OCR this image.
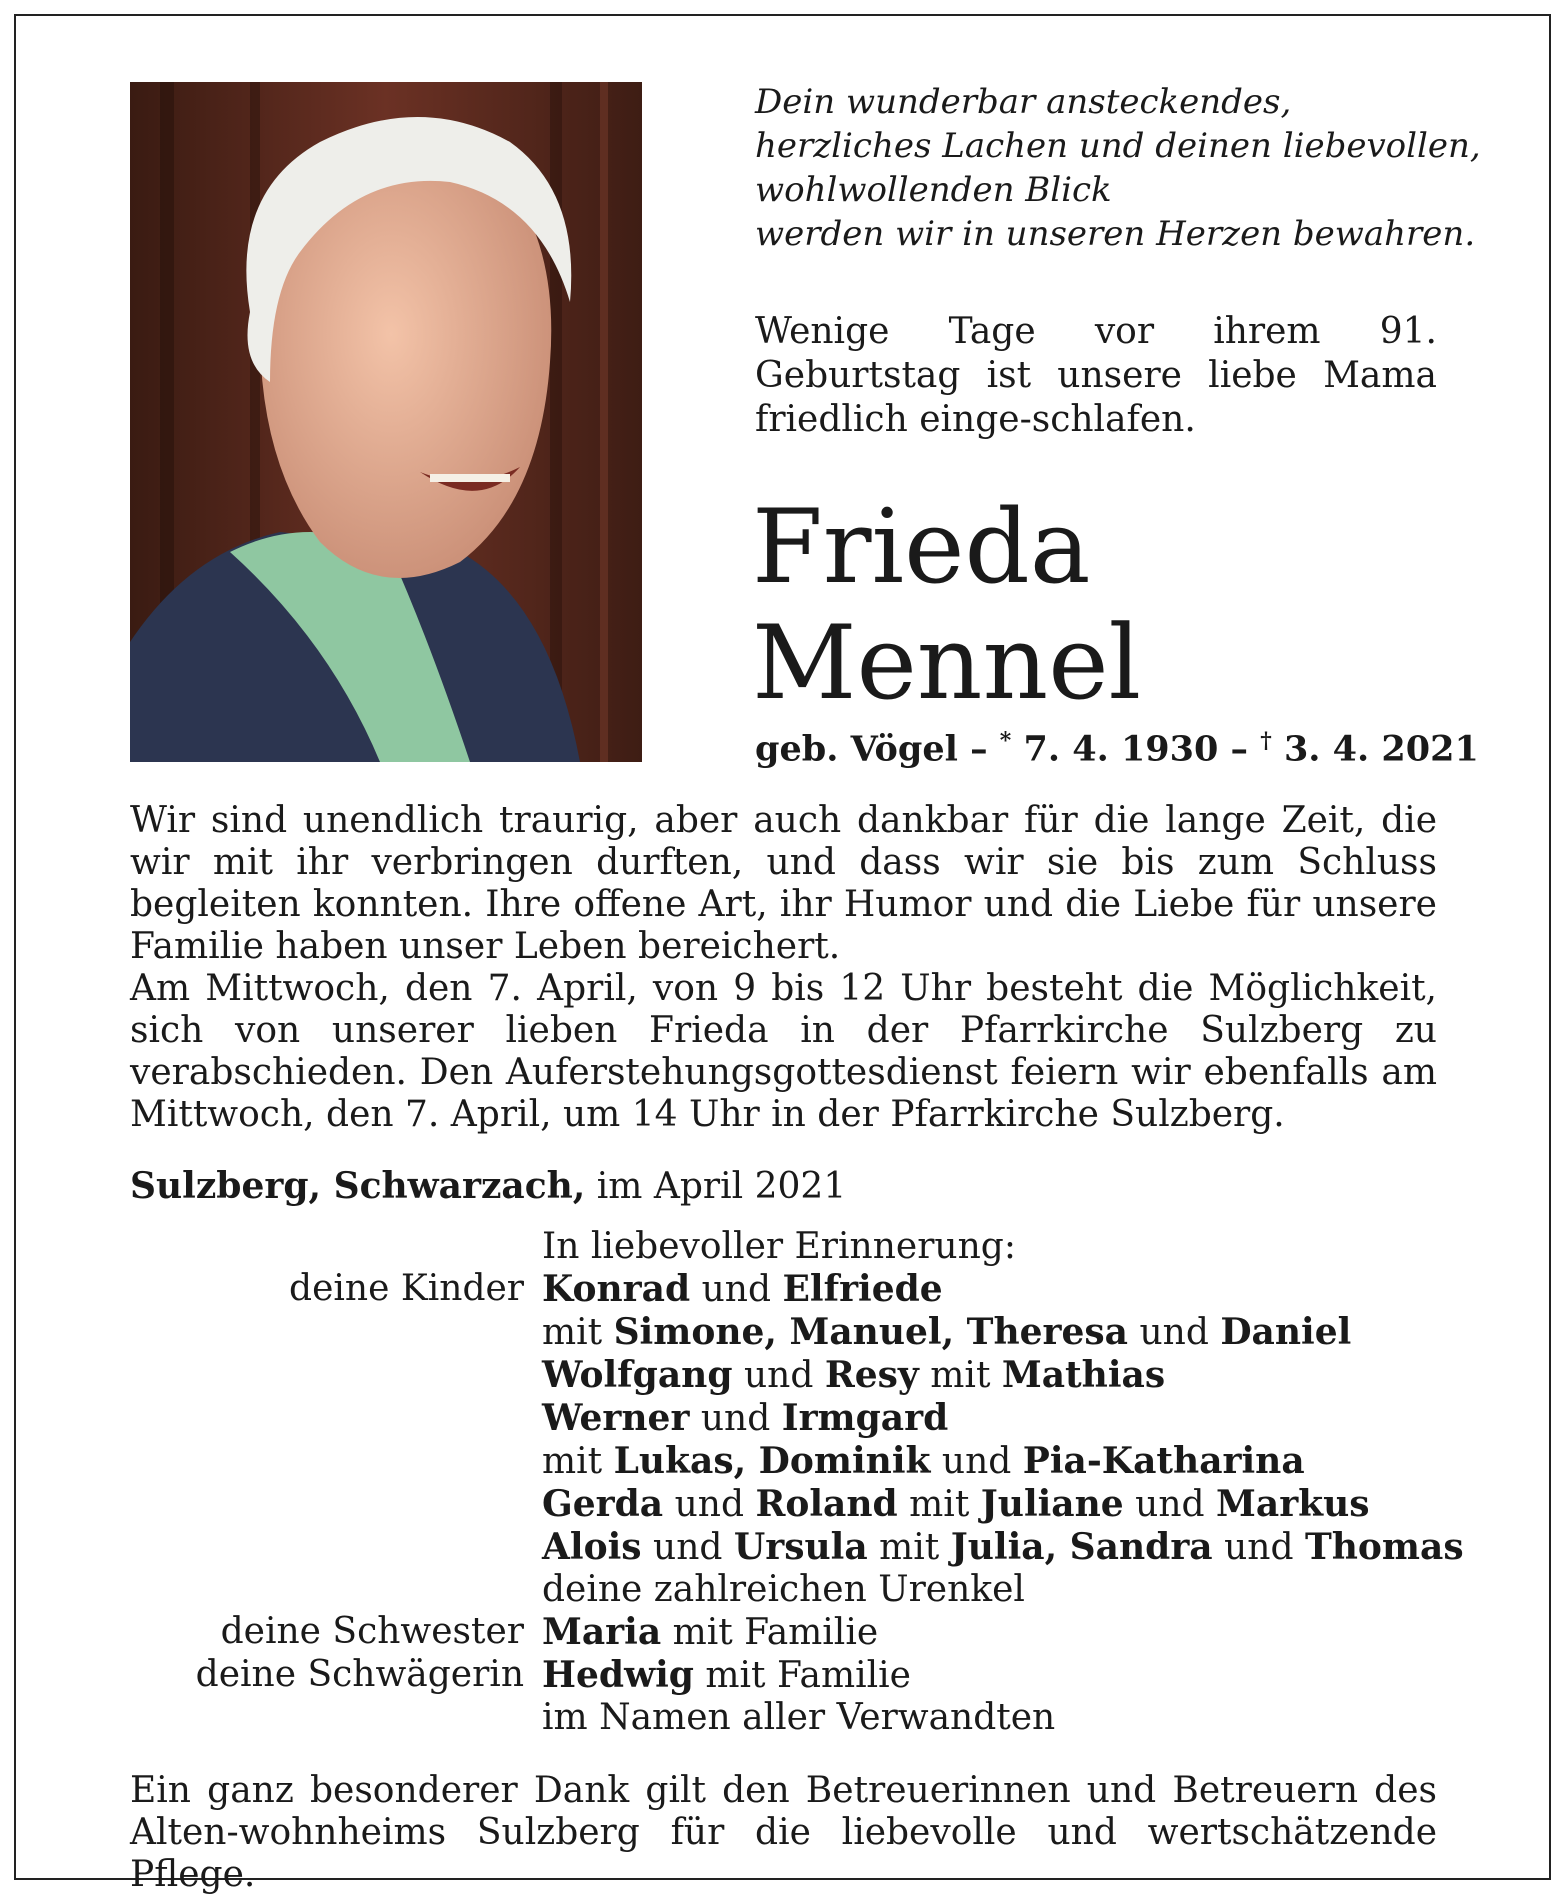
Dein wunderbar ansteckendes,
herzliches Lachen und deinen liebevollen,
wohlwollenden Blick
werden wir in unseren Herzen bewahren.
Wenige Tage vor ihrem 91. Geburtstag ist unsere liebe Mama friedlich einge-schlafen.
Frieda
Mennel
geb. Vögel – * 7. 4. 1930 – † 3. 4. 2021

Wir sind unendlich traurig, aber auch dankbar für die lange Zeit, die wir mit ihr verbringen durften, und dass wir sie bis zum Schluss begleiten konnten. Ihre offene Art, ihr Humor und die Liebe für unsere Familie haben unser Leben bereichert.

Am Mittwoch, den 7. April, von 9 bis 12 Uhr besteht die Möglichkeit, sich von unserer lieben Frieda in der Pfarrkirche Sulzberg zu verabschieden. Den Auferstehungsgottesdienst feiern wir ebenfalls am Mittwoch, den 7. April, um 14 Uhr in der Pfarrkirche Sulzberg.

Sulzberg, Schwarzach, im April 2021
In liebevoller Erinnerung:
deine Kinder Konrad und Elfriede
mit Simone, Manuel, Theresa und Daniel
Wolfgang und Resy mit Mathias
Werner und Irmgard
mit Lukas, Dominik und Pia-Katharina
Gerda und Roland mit Juliane und Markus
Alois und Ursula mit Julia, Sandra und Thomas
deine zahlreichen Urenkel
deine Schwester Maria mit Familie
deine Schwägerin Hedwig mit Familie
im Namen aller Verwandten
Ein ganz besonderer Dank gilt den Betreuerinnen und Betreuern des Alten-wohnheims Sulzberg für die liebevolle und wertschätzende Pflege.
